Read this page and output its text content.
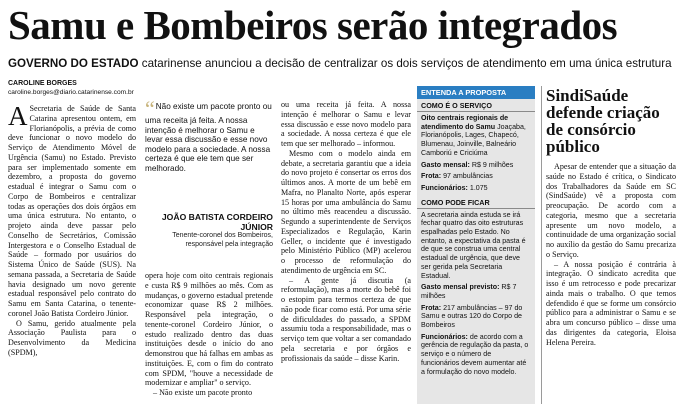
Samu e Bombeiros serão integrados
GOVERNO DO ESTADO catarinense anunciou a decisão de centralizar os dois serviços de atendimento em uma única estrutura
CAROLINE BORGES
caroline.borges@diario.catarinense.com.br

A Secretaria de Saúde de Santa Catarina apresentou ontem, em Florianópolis, a prévia de como deve funcionar o novo modelo do Serviço de Atendimento Móvel de Urgência (Samu) no Estado. Previsto para ser implementado somente em dezembro, a proposta do governo estadual é integrar o Samu com o Corpo de Bombeiros e centralizar todas as operações dos dois órgãos em uma única estrutura. No entanto, o projeto ainda deve passar pelo Conselho de Secretários, Comissão Intergestora e o Conselho Estadual de Saúde – formado por usuários do Sistema Único de Saúde (SUS). Na semana passada, a Secretaria de Saúde havia designado um novo gerente estadual responsável pelo contrato do Samu em Santa Catarina, o tenente-coronel João Batista Cordeiro Júnior.

O Samu, gerido atualmente pela Associação Paulista para o Desenvolvimento da Medicina (SPDM),

“Não existe um pacote pronto ou uma receita já feita. A nossa intenção é melhorar o Samu e levar essa discussão e esse novo modelo para a sociedade. A nossa certeza é que ele tem que ser melhorado.
JOÃO BATISTA CORDEIRO JÚNIOR
Tenente-coronel dos Bombeiros, responsável pela integração

opera hoje com oito centrais regionais e custa R$ 9 milhões ao mês. Com as mudanças, o governo estadual pretende economizar quase R$ 2 milhões. Responsável pela integração, o tenente-coronel Cordeiro Júnior, o estudo realizado dentro das duas instituições desde o início do ano demonstrou que há falhas em ambas as instituições. E, com o fim do contrato com SPDM, "houve a necessidade de modernizar e ampliar" o serviço.

– Não existe um pacote pronto

ou uma receita já feita. A nossa intenção é melhorar o Samu e levar essa discussão e esse novo modelo para a sociedade. A nossa certeza é que ele tem que ser melhorado – informou.

Mesmo com o modelo ainda em debate, a secretaria garantiu que a ideia do novo projeto é consertar os erros dos últimos anos. A morte de um bebê em Mafra, no Planalto Norte, após esperar 15 horas por uma ambulância do Samu no último mês reacendeu a discussão. Segundo a superintendente de Serviços Especializados e Regulação, Karin Geller, o incidente que é investigado pelo Ministério Público (MP) acelerou o processo de reformulação do atendimento de urgência em SC.

– A gente já discutia (a reformulação), mas a morte do bebê foi o estopim para termos certeza de que não pode ficar como está. Por uma série de dificuldades do passado, a SPDM assumiu toda a responsabilidade, mas o serviço tem que voltar a ser comandado pela secretaria e por órgãos e profissionais da saúde – disse Karin.

ENTENDA A PROPOSTA
COMO É O SERVIÇO

Oito centrais regionais de atendimento do Samu Joaçaba, Florianópolis, Lages, Chapecó, Blumenau, Joinville, Balneário Camboriú e Criciúma

Gasto mensal: R$ 9 milhões

Frota: 97 ambulâncias

Funcionários: 1.075

COMO PODE FICAR

A secretaria ainda estuda se irá fechar quatro das oito estruturas espalhadas pelo Estado. No entanto, a expectativa da pasta é de que se construa uma central estadual de urgência, que deve ser gerida pela Secretaria Estadual.

Gasto mensal previsto: R$ 7 milhões

Frota: 217 ambulâncias – 97 do Samu e outras 120 do Corpo de Bombeiros

Funcionários: de acordo com a gerência de regulação da pasta, o serviço e o número de funcionários devem aumentar até a formulação do novo modelo.

SindiSaúde defende criação de consórcio público

Apesar de entender que a situação da saúde no Estado é crítica, o Sindicato dos Trabalhadores da Saúde em SC (SindSaúde) vê a proposta com preocupação. De acordo com a categoria, mesmo que a secretaria apresente um novo modelo, a continuidade de uma organização social no auxílio da gestão do Samu precariza o Serviço.

– A nossa posição é contrária à integração. O sindicato acredita que isso é um retrocesso e pode precarizar ainda mais o trabalho. O que temos defendido é que se forme um consórcio público para a administrar o Samu e se abra um concurso público – disse uma das dirigentes da categoria, Eloisa Helena Pereira.
